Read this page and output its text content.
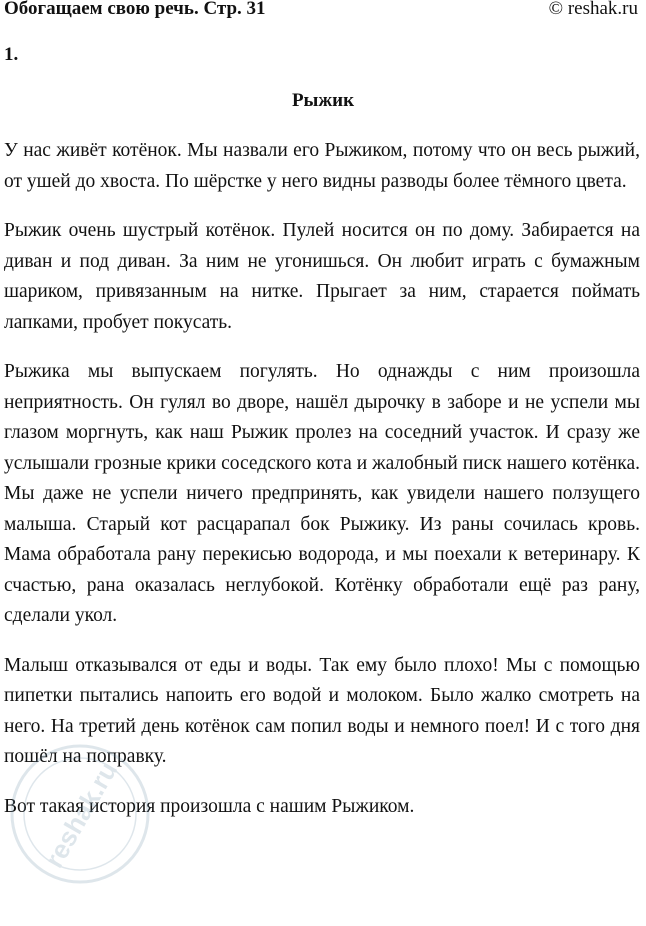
Обогащаем свою речь. Стр. 31	© reshak.ru
1.
Рыжик

У нас живёт котёнок. Мы назвали его Рыжиком, потому что он весь рыжий, от ушей до хвоста. По шёрстке у него видны разводы более тёмного цвета.

Рыжик очень шустрый котёнок. Пулей носится он по дому. Забирается на диван и под диван. За ним не угонишься. Он любит играть с бумажным шариком, привязанным на нитке. Прыгает за ним, старается поймать лапками, пробует покусать.

Рыжика мы выпускаем погулять. Но однажды с ним произошла неприятность. Он гулял во дворе, нашёл дырочку в заборе и не успели мы глазом моргнуть, как наш Рыжик пролез на соседний участок. И сразу же услышали грозные крики соседского кота и жалобный писк нашего котёнка. Мы даже не успели ничего предпринять, как увидели нашего ползущего малыша. Старый кот расцарапал бок Рыжику. Из раны сочилась кровь. Мама обработала рану перекисью водорода, и мы поехали к ветеринару. К счастью, рана оказалась неглубокой. Котёнку обработали ещё раз рану, сделали укол.

Малыш отказывался от еды и воды. Так ему было плохо! Мы с помощью пипетки пытались напоить его водой и молоком. Было жалко смотреть на него. На третий день котёнок сам попил воды и немного поел! И с того дня пошёл на поправку.

Вот такая история произошла с нашим Рыжиком.

reshak.ru
